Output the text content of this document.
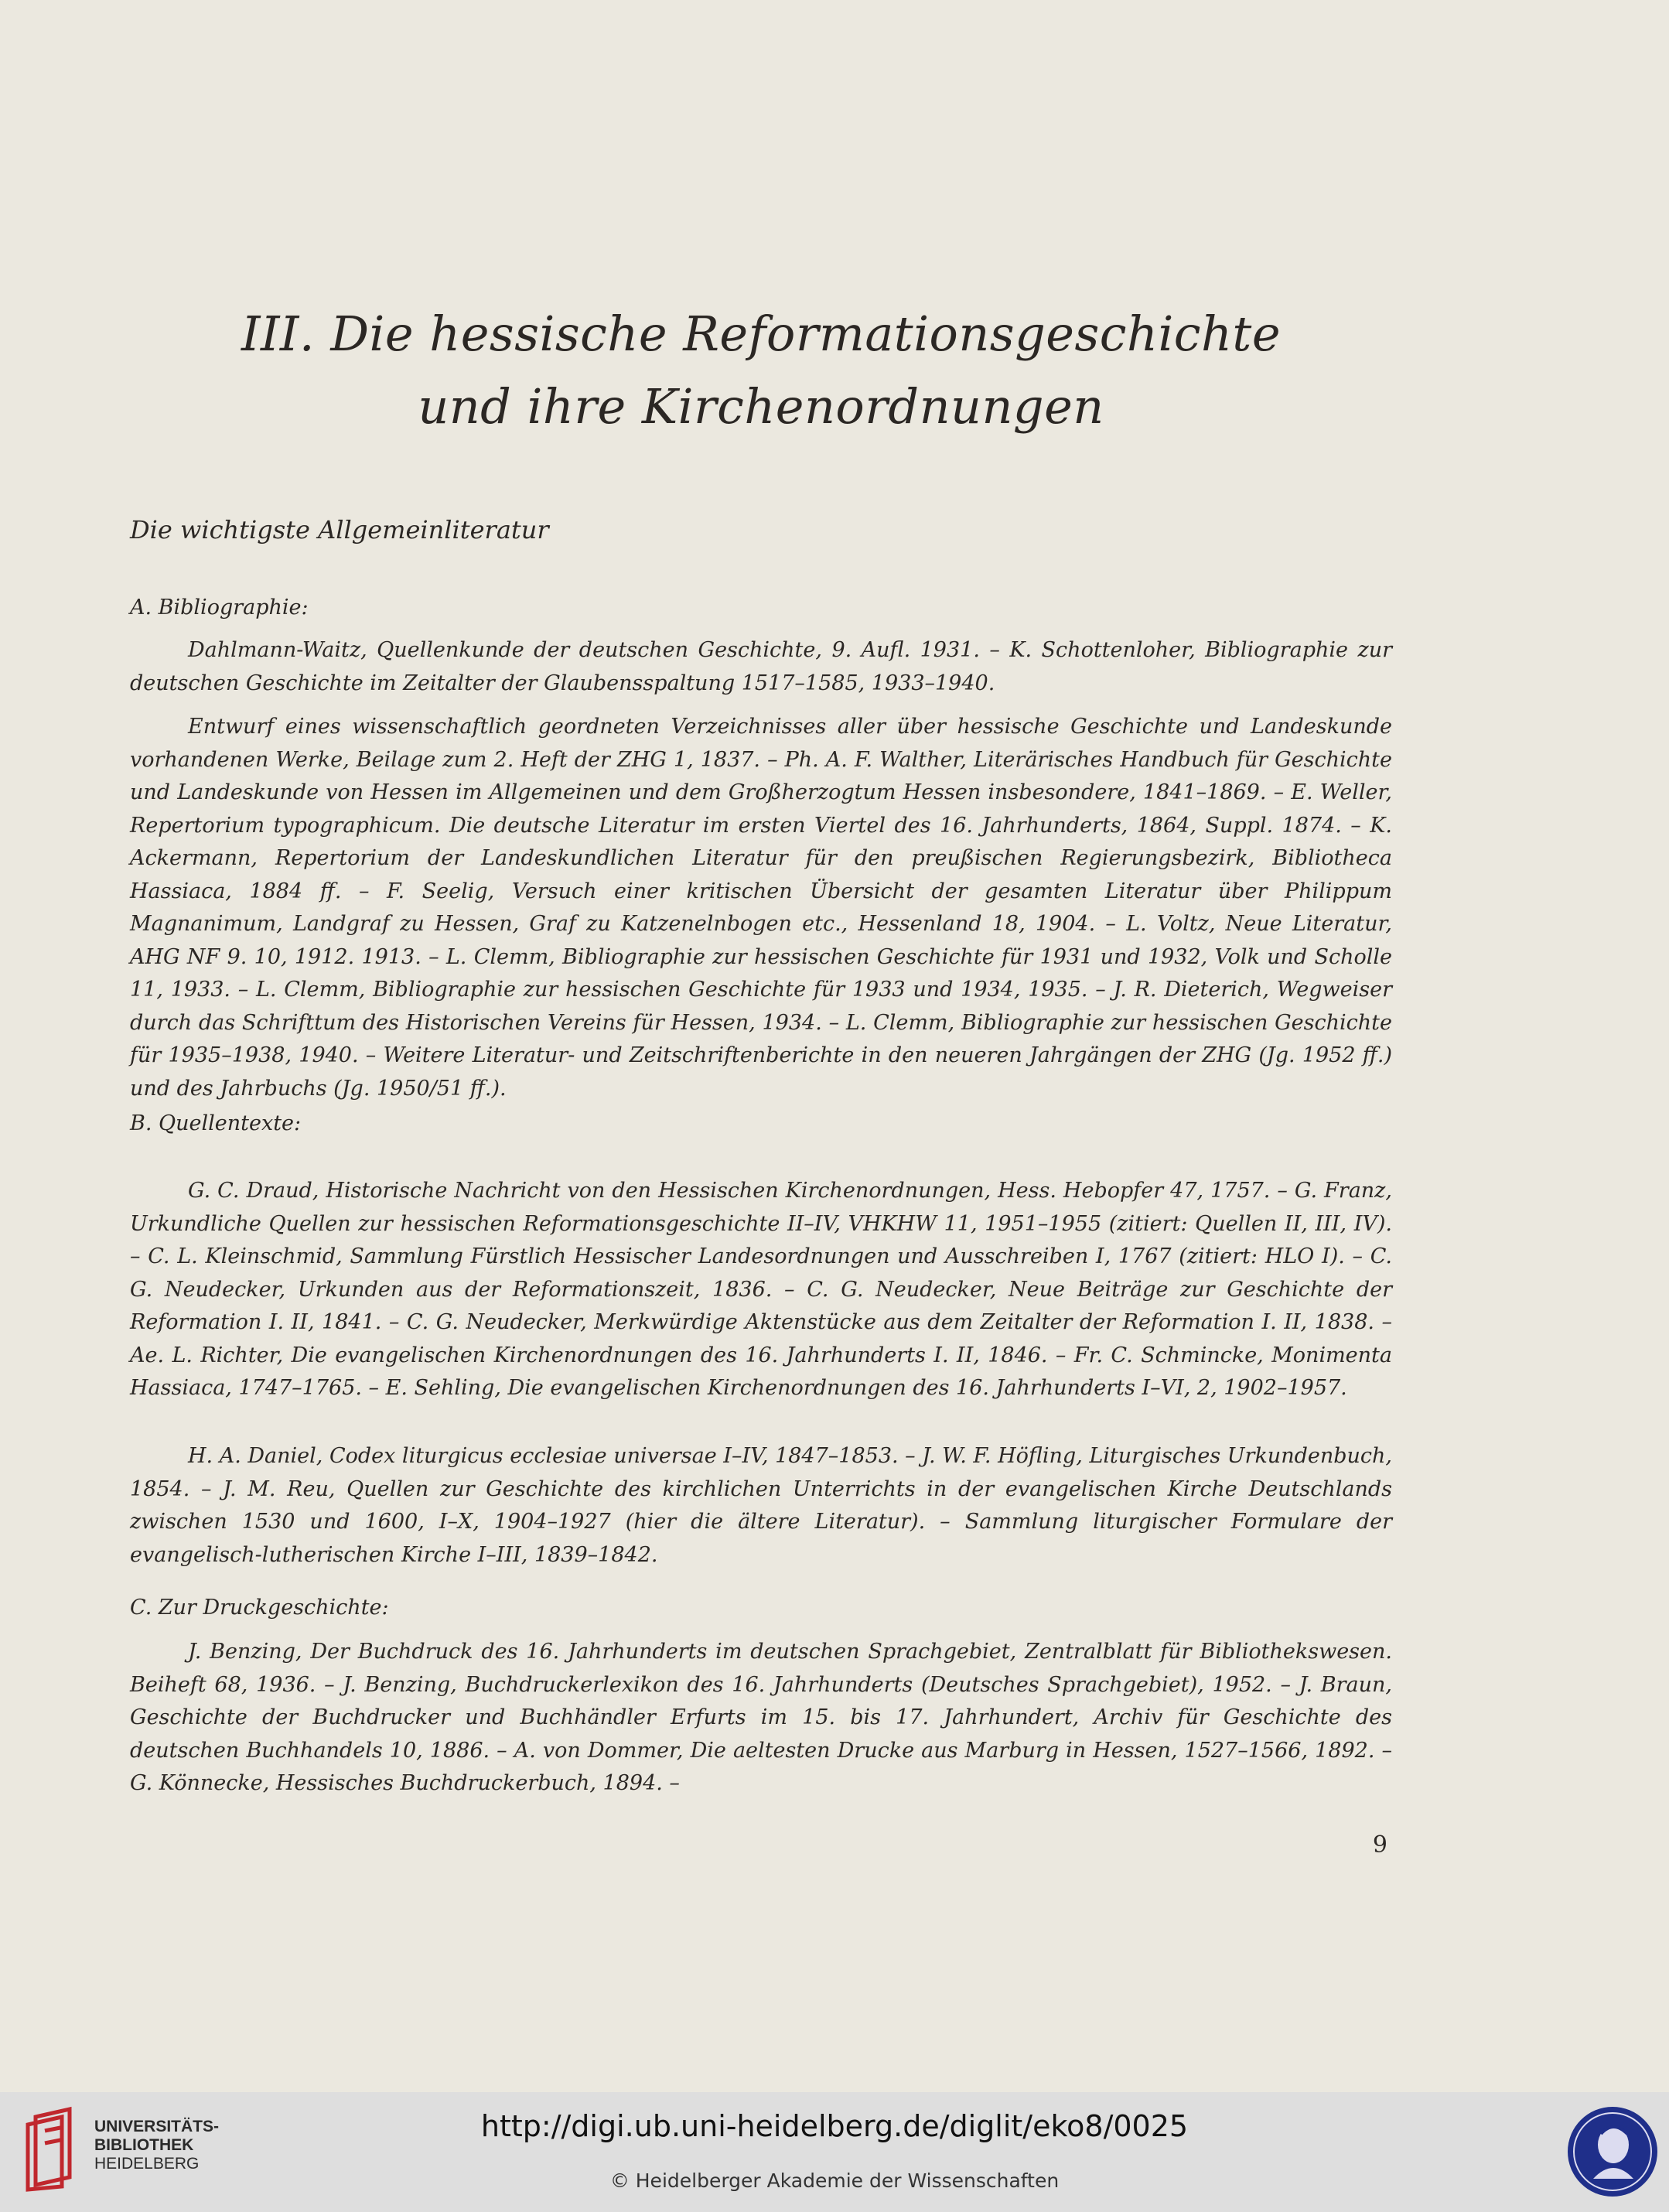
III. Die hessische Reformationsgeschichte
und ihre Kirchenordnungen
Die wichtigste Allgemeinliteratur

A. Bibliographie:

Dahlmann-Waitz, Quellenkunde der deutschen Geschichte, 9. Aufl. 1931. – K. Schottenloher, Bibliographie zur deutschen Geschichte im Zeitalter der Glaubensspaltung 1517–1585, 1933–1940.

Entwurf eines wissenschaftlich geordneten Verzeichnisses aller über hessische Geschichte und Landeskunde vorhandenen Werke, Beilage zum 2. Heft der ZHG 1, 1837. – Ph. A. F. Walther, Literärisches Handbuch für Geschichte und Landeskunde von Hessen im Allgemeinen und dem Großherzogtum Hessen insbesondere, 1841–1869. – E. Weller, Repertorium typographicum. Die deutsche Literatur im ersten Viertel des 16. Jahrhunderts, 1864, Suppl. 1874. – K. Ackermann, Repertorium der Landeskundlichen Literatur für den preußischen Regierungsbezirk, Bibliotheca Hassiaca, 1884 ff. – F. Seelig, Versuch einer kritischen Übersicht der gesamten Literatur über Philippum Magnanimum, Landgraf zu Hessen, Graf zu Katzenelnbogen etc., Hessenland 18, 1904. – L. Voltz, Neue Literatur, AHG NF 9. 10, 1912. 1913. – L. Clemm, Bibliographie zur hessischen Geschichte für 1931 und 1932, Volk und Scholle 11, 1933. – L. Clemm, Bibliographie zur hessischen Geschichte für 1933 und 1934, 1935. – J. R. Dieterich, Wegweiser durch das Schrifttum des Historischen Vereins für Hessen, 1934. – L. Clemm, Bibliographie zur hessischen Geschichte für 1935–1938, 1940. – Weitere Literatur- und Zeitschriftenberichte in den neueren Jahrgängen der ZHG (Jg. 1952 ff.) und des Jahrbuchs (Jg. 1950/51 ff.).

B. Quellentexte:

G. C. Draud, Historische Nachricht von den Hessischen Kirchenordnungen, Hess. Hebopfer 47, 1757. – G. Franz, Urkundliche Quellen zur hessischen Reformationsgeschichte II–IV, VHKHW 11, 1951–1955 (zitiert: Quellen II, III, IV). – C. L. Kleinschmid, Sammlung Fürstlich Hessischer Landesordnungen und Ausschreiben I, 1767 (zitiert: HLO I). – C. G. Neudecker, Urkunden aus der Reformationszeit, 1836. – C. G. Neudecker, Neue Beiträge zur Geschichte der Reformation I. II, 1841. – C. G. Neudecker, Merkwürdige Aktenstücke aus dem Zeitalter der Reformation I. II, 1838. – Ae. L. Richter, Die evangelischen Kirchenordnungen des 16. Jahrhunderts I. II, 1846. – Fr. C. Schmincke, Monimenta Hassiaca, 1747–1765. – E. Sehling, Die evangelischen Kirchenordnungen des 16. Jahrhunderts I–VI, 2, 1902–1957.

H. A. Daniel, Codex liturgicus ecclesiae universae I–IV, 1847–1853. – J. W. F. Höfling, Liturgisches Urkundenbuch, 1854. – J. M. Reu, Quellen zur Geschichte des kirchlichen Unterrichts in der evangelischen Kirche Deutschlands zwischen 1530 und 1600, I–X, 1904–1927 (hier die ältere Literatur). – Sammlung liturgischer Formulare der evangelisch-lutherischen Kirche I–III, 1839–1842.

C. Zur Druckgeschichte:

J. Benzing, Der Buchdruck des 16. Jahrhunderts im deutschen Sprachgebiet, Zentralblatt für Bibliothekswesen. Beiheft 68, 1936. – J. Benzing, Buchdruckerlexikon des 16. Jahrhunderts (Deutsches Sprachgebiet), 1952. – J. Braun, Geschichte der Buchdrucker und Buchhändler Erfurts im 15. bis 17. Jahrhundert, Archiv für Geschichte des deutschen Buchhandels 10, 1886. – A. von Dommer, Die aeltesten Drucke aus Marburg in Hessen, 1527–1566, 1892. – G. Könnecke, Hessisches Buchdruckerbuch, 1894. –

9
UNIVERSITÄTS-
BIBLIOTHEK
HEIDELBERG
http://digi.ub.uni-heidelberg.de/diglit/eko8/0025
© Heidelberger Akademie der Wissenschaften
